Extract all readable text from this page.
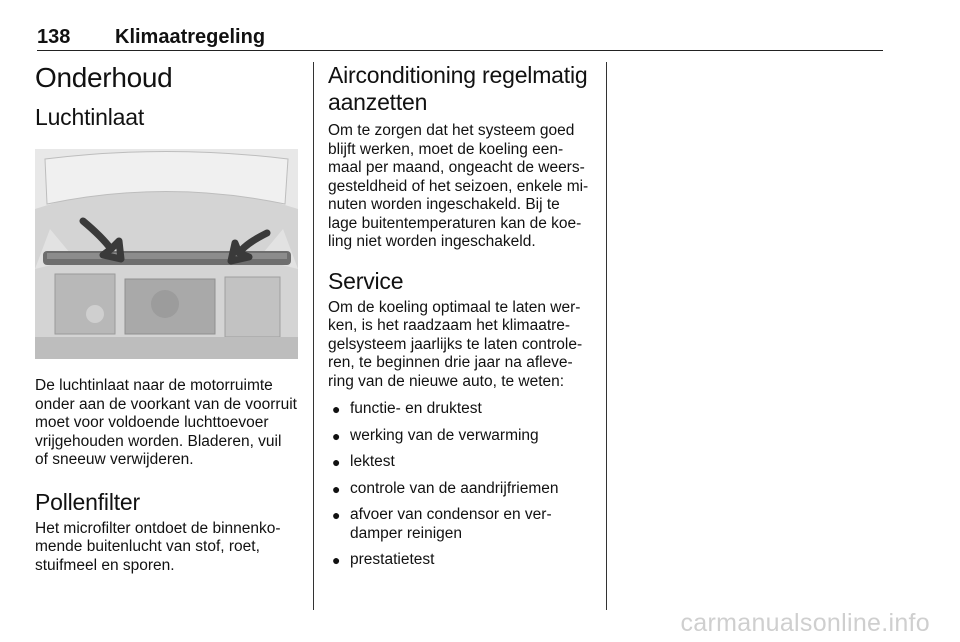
138 Klimaatregeling
Onderhoud
Luchtinlaat

De luchtinlaat naar de motorruimte
onder aan de voorkant van de voorruit
moet voor voldoende luchttoevoer
vrijgehouden worden. Bladeren, vuil
of sneeuw verwijderen.

Pollenfilter

Het microfilter ontdoet de binnenko-
mende buitenlucht van stof, roet,
stuifmeel en sporen.

Airconditioning regelmatig
aanzetten

Om te zorgen dat het systeem goed
blijft werken, moet de koeling een-
maal per maand, ongeacht de weers-
gesteldheid of het seizoen, enkele mi-
nuten worden ingeschakeld. Bij te
lage buitentemperaturen kan de koe-
ling niet worden ingeschakeld.

Service

Om de koeling optimaal te laten wer-
ken, is het raadzaam het klimaatre-
gelsysteem jaarlijks te laten controle-
ren, te beginnen drie jaar na afleve-
ring van de nieuwe auto, te weten:

● functie- en druktest
● werking van de verwarming
● lektest
● controle van de aandrijfriemen
● afvoer van condensor en ver-
damper reinigen
● prestatietest
carmanualsonline.info
